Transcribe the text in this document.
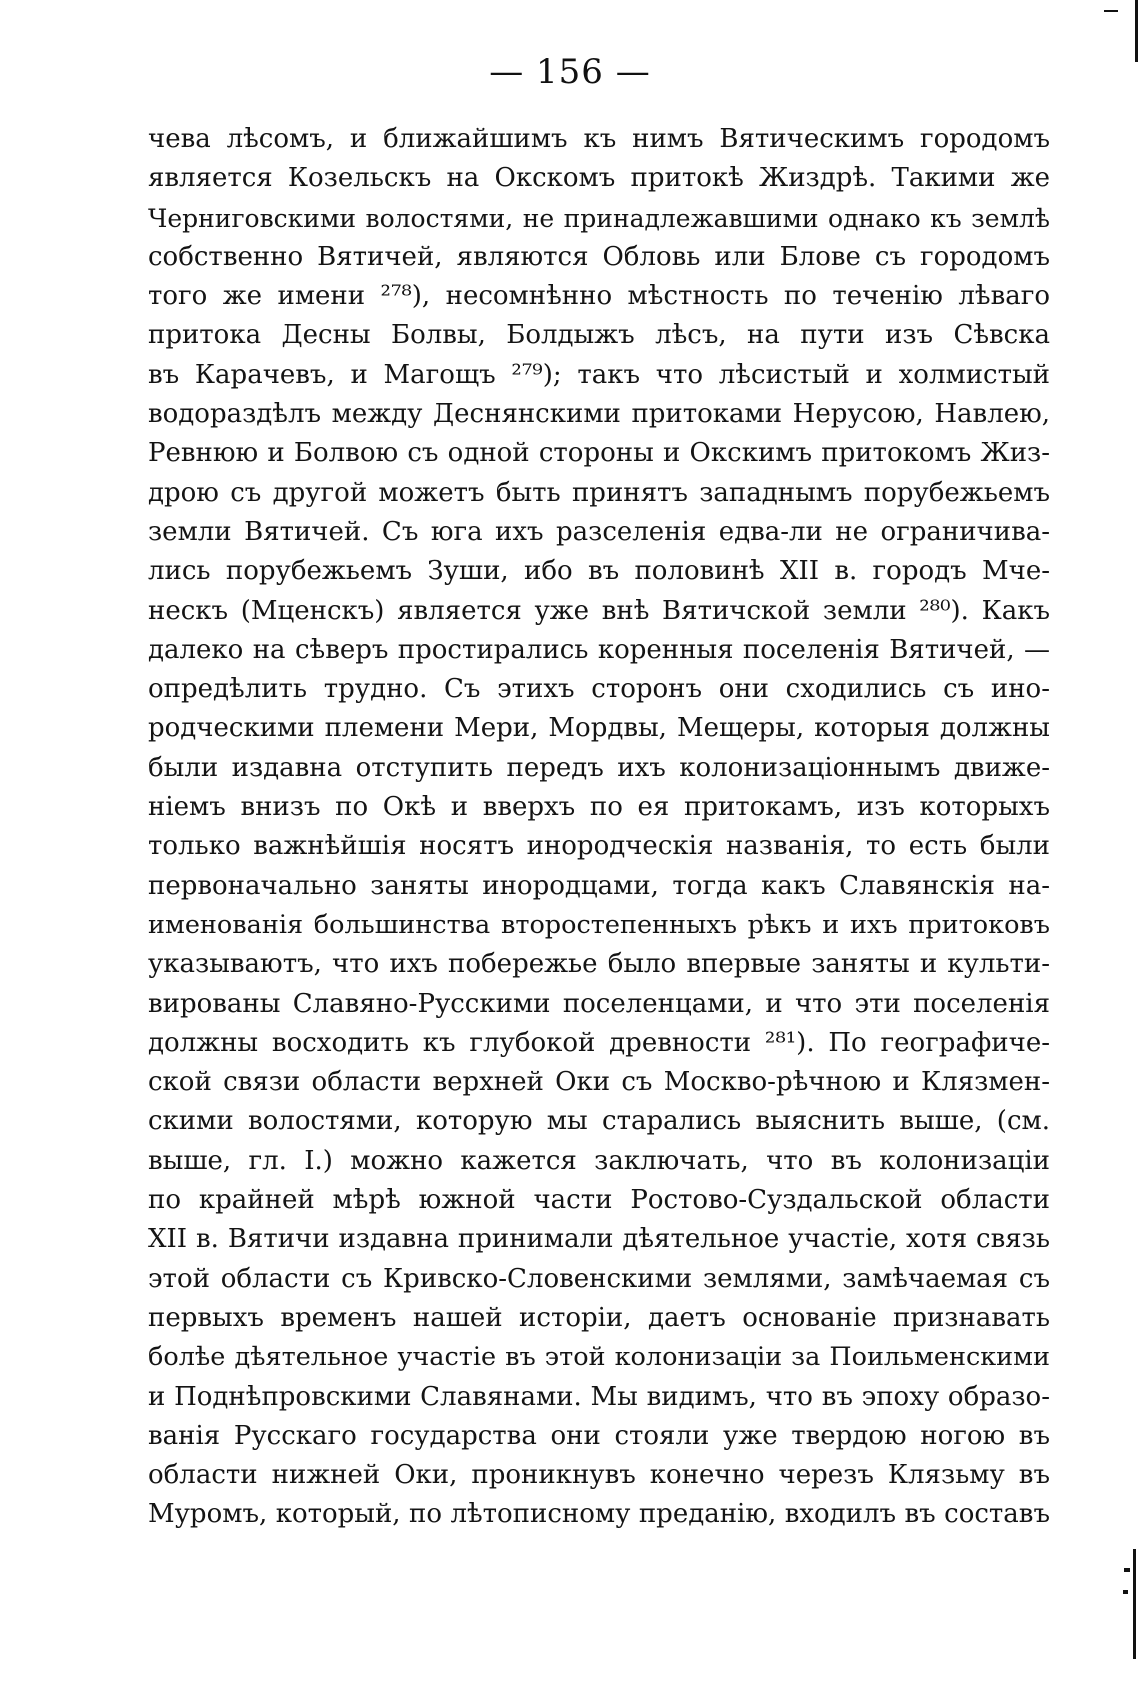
— 156 —
чева лѣсомъ, и ближайшимъ къ нимъ Вятическимъ городомъ
является Козельскъ на Окскомъ притокѣ Жиздрѣ. Такими же
Черниговскими волостями, не принадлежавшими однако къ землѣ
собственно Вятичей, являются Обловь или Блове съ городомъ
того же имени ²⁷⁸), несомнѣнно мѣстность по теченію лѣваго
притока Десны Болвы, Болдыжъ лѣсъ, на пути изъ Сѣвска
въ Карачевъ, и Магощъ ²⁷⁹); такъ что лѣсистый и холмистый
водораздѣлъ между Деснянскими притоками Нерусою, Навлею,
Ревнюю и Болвою съ одной стороны и Окскимъ притокомъ Жиз-
дрою съ другой можетъ быть принятъ западнымъ порубежьемъ
земли Вятичей. Съ юга ихъ разселенія едва-ли не ограничива-
лись порубежьемъ Зуши, ибо въ половинѣ XII в. городъ Мче-
нескъ (Мценскъ) является уже внѣ Вятичской земли ²⁸⁰). Какъ
далеко на сѣверъ простирались коренныя поселенія Вятичей, —
опредѣлить трудно. Съ этихъ сторонъ они сходились съ ино-
родческими племени Мери, Мордвы, Мещеры, которыя должны
были издавна отступить передъ ихъ колонизаціоннымъ движе-
ніемъ внизъ по Окѣ и вверхъ по ея притокамъ, изъ которыхъ
только важнѣйшія носятъ инородческія названія, то есть были
первоначально заняты инородцами, тогда какъ Славянскія на-
именованія большинства второстепенныхъ рѣкъ и ихъ притоковъ
указываютъ, что ихъ побережье было впервые заняты и культи-
вированы Славяно-Русскими поселенцами, и что эти поселенія
должны восходить къ глубокой древности ²⁸¹). По географиче-
ской связи области верхней Оки съ Москво-рѣчною и Клязмен-
скими волостями, которую мы старались выяснить выше, (см.
выше, гл. I.) можно кажется заключать, что въ колонизаціи
по крайней мѣрѣ южной части Ростово-Суздальской области
XII в. Вятичи издавна принимали дѣятельное участіе, хотя связь
этой области съ Кривско-Словенскими землями, замѣчаемая съ
первыхъ временъ нашей исторіи, даетъ основаніе признавать
болѣе дѣятельное участіе въ этой колонизаціи за Поильменскими
и Поднѣпровскими Славянами. Мы видимъ, что въ эпоху образо-
ванія Русскаго государства они стояли уже твердою ногою въ
области нижней Оки, проникнувъ конечно черезъ Клязьму въ
Муромъ, который, по лѣтописному преданію, входилъ въ составъ
